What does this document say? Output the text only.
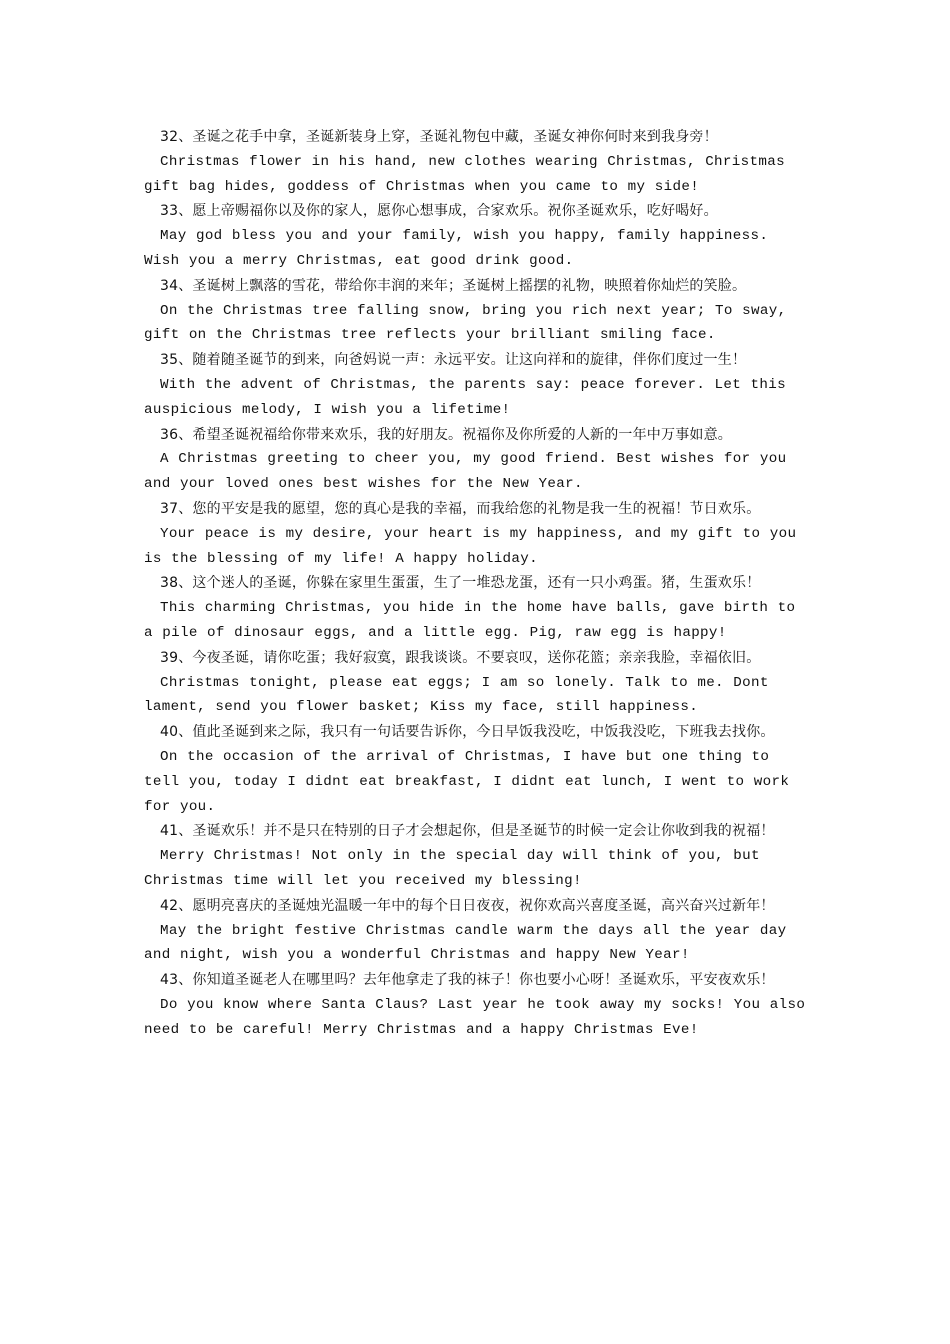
32、圣诞之花手中拿，圣诞新装身上穿，圣诞礼物包中藏，圣诞女神你何时来到我身旁！

Christmas flower in his hand, new clothes wearing Christmas, Christmas gift bag hides, goddess of Christmas when you came to my side!

33、愿上帝赐福你以及你的家人，愿你心想事成，合家欢乐。祝你圣诞欢乐，吃好喝好。

May god bless you and your family, wish you happy, family happiness. Wish you a merry Christmas, eat good drink good.

34、圣诞树上飘落的雪花，带给你丰润的来年；圣诞树上摇摆的礼物，映照着你灿烂的笑脸。

On the Christmas tree falling snow, bring you rich next year; To sway, gift on the Christmas tree reflects your brilliant smiling face.

35、随着随圣诞节的到来，向爸妈说一声：永远平安。让这向祥和的旋律，伴你们度过一生！

With the advent of Christmas, the parents say: peace forever. Let this auspicious melody, I wish you a lifetime!

36、希望圣诞祝福给你带来欢乐，我的好朋友。祝福你及你所爱的人新的一年中万事如意。

A Christmas greeting to cheer you, my good friend. Best wishes for you and your loved ones best wishes for the New Year.

37、您的平安是我的愿望，您的真心是我的幸福，而我给您的礼物是我一生的祝福！节日欢乐。

Your peace is my desire, your heart is my happiness, and my gift to you is the blessing of my life! A happy holiday.

38、这个迷人的圣诞，你躲在家里生蛋蛋，生了一堆恐龙蛋，还有一只小鸡蛋。猪，生蛋欢乐！

This charming Christmas, you hide in the home have balls, gave birth to a pile of dinosaur eggs, and a little egg. Pig, raw egg is happy!

39、今夜圣诞，请你吃蛋；我好寂寞，跟我谈谈。不要哀叹，送你花篮；亲亲我脸，幸福依旧。

Christmas tonight, please eat eggs; I am so lonely. Talk to me. Dont lament, send you flower basket; Kiss my face, still happiness.

40、值此圣诞到来之际，我只有一句话要告诉你，今日早饭我没吃，中饭我没吃，下班我去找你。

On the occasion of the arrival of Christmas, I have but one thing to tell you, today I didnt eat breakfast, I didnt eat lunch, I went to work for you.

41、圣诞欢乐！并不是只在特别的日子才会想起你，但是圣诞节的时候一定会让你收到我的祝福！

Merry Christmas! Not only in the special day will think of you, but Christmas time will let you received my blessing!

42、愿明亮喜庆的圣诞烛光温暖一年中的每个日日夜夜，祝你欢高兴喜度圣诞，高兴奋兴过新年！

May the bright festive Christmas candle warm the days all the year day and night, wish you a wonderful Christmas and happy New Year!

43、你知道圣诞老人在哪里吗？去年他拿走了我的袜子！你也要小心呀！圣诞欢乐，平安夜欢乐！

Do you know where Santa Claus? Last year he took away my socks! You also need to be careful! Merry Christmas and a happy Christmas Eve!
